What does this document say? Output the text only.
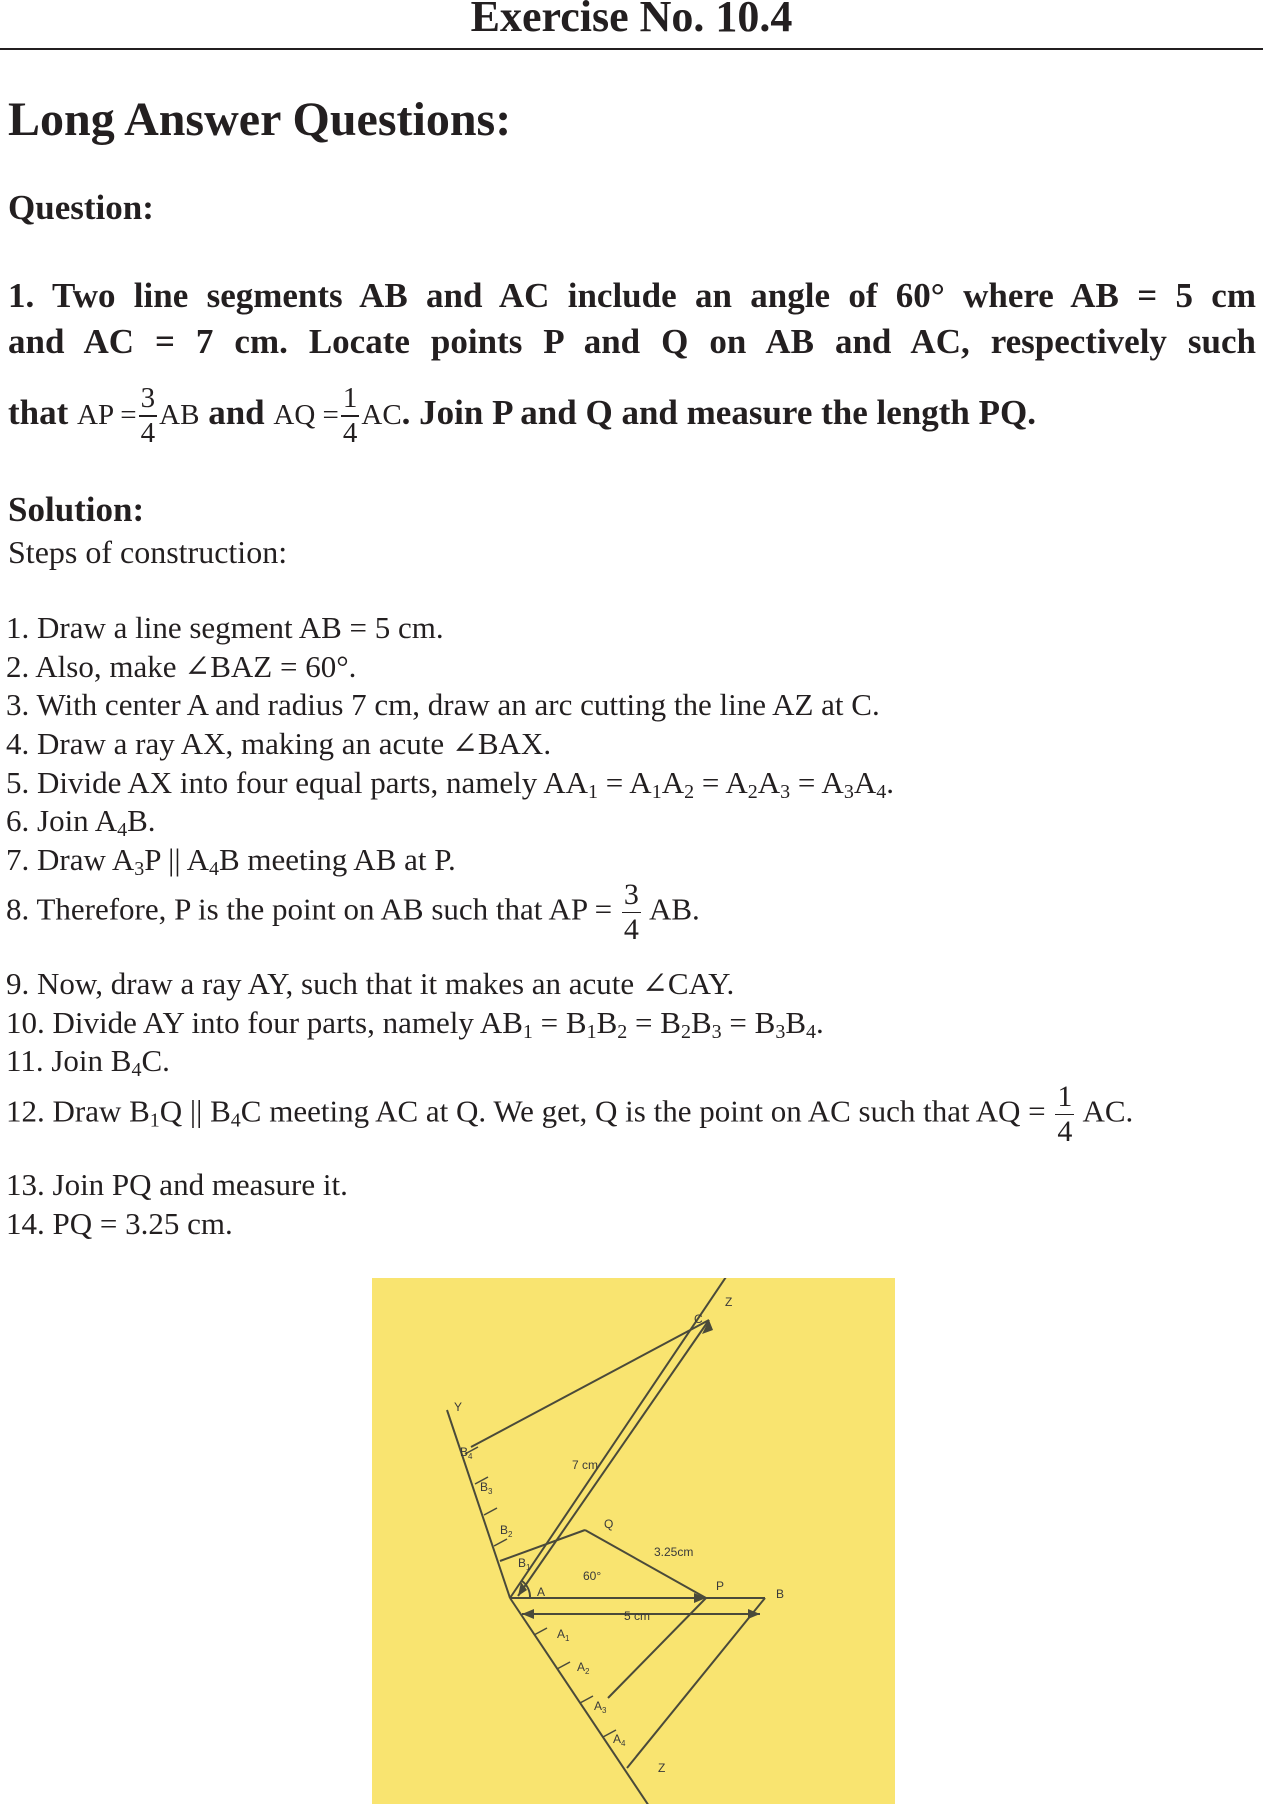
Exercise No. 10.4
Long Answer Questions:
Question:
1. Two line segments AB and AC include an angle of 60° where AB = 5 cm
and AC = 7 cm. Locate points P and Q on AB and AC, respectively such
that AP = $\frac{3}{4}$ AB and AQ = $\frac{1}{4}$ AC. Join P and Q and measure the length PQ.
Solution:

Steps of construction:

1. Draw a line segment AB = 5 cm.

2. Also, make ∠BAZ = 60°.

3. With center A and radius 7 cm, draw an arc cutting the line AZ at C.

4. Draw a ray AX, making an acute ∠BAX.

5. Divide AX into four equal parts, namely $AA_1 = A_1A_2 = A_2A_3 = A_3A_4$.

6. Join $A_4B$.

7. Draw $A_3P$ || $A_4B$ meeting AB at P.

8. Therefore, P is the point on AB such that AP = $\frac{3}{4}$ AB.

9. Now, draw a ray AY, such that it makes an acute ∠CAY.

10. Divide AY into four parts, namely $AB_1 = B_1B_2 = B_2B_3 = B_3B_4$.

11. Join $B_4C$.

12. Draw $B_1Q$ || $B_4C$ meeting AC at Q. We get, Q is the point on AC such that AQ = $\frac{1}{4}$ AC.

13. Join PQ and measure it.

14. PQ = 3.25 cm.

Z
C
Y
$B_4$
$B_3$
$B_2$
$B_1$
7 cm
Q
3.25cm
60°
A	P
B
5 cm
$A_1$
$A_2$
$A_3$
$A_4$
Z
